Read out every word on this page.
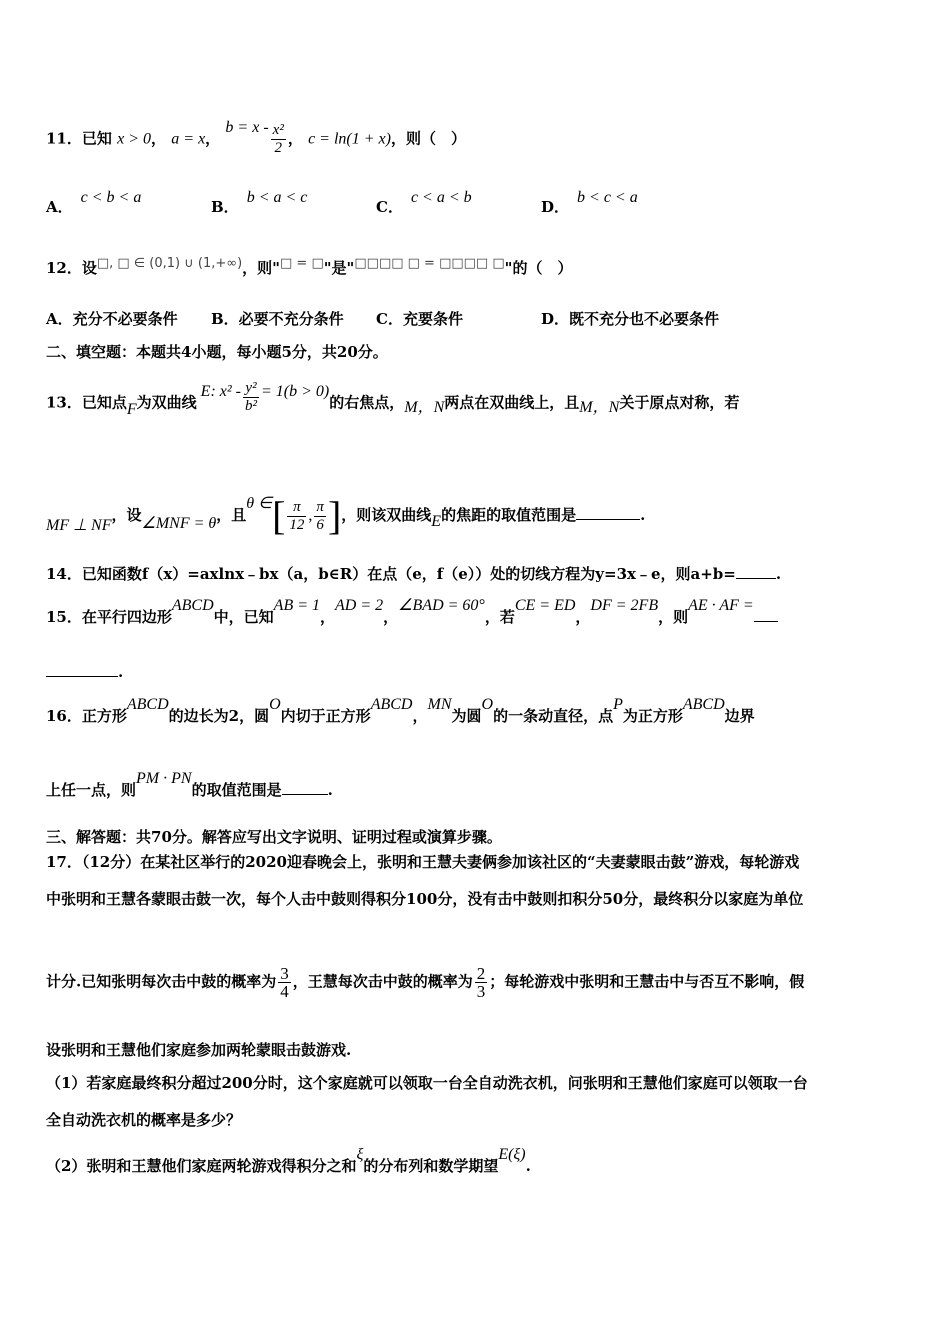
11．已知 x > 0， a = x， $b = x - \frac{\text{x²}}{2}$ ， c = ln(1 + x)，则（　）
A．c < b < a
B．b < a < c
C．c < a < b
D．b < c < a
12．设□, □ ∈ (0,1) ∪ (1,+∞)，则"□ = □"是"□□□□ □ = □□□□ □"的（　）
A．充分不必要条件 B．必要不充分条件 C．充要条件	D．既不充分也不必要条件
二、填空题：本题共4小题，每小题5分，共20分。
13．已知点F为双曲线E: $x^2 - \frac{\text{y²}}{\text{b²}} = 1(b > 0)$的右焦点，M，N两点在双曲线上，且M，N关于原点对称，若
MF ⊥ NF，设∠MNF = θ，且θ ∈[ $\frac{\pi}{12}$ , $\frac{\pi}{6}$ ]，则该双曲线E的焦距的取值范围是	.
14．已知函数f（x）=axlnx﹣bx（a，b∈R）在点（e，f（e））处的切线方程为y=3x﹣e，则a+b=	.
15．在平行四边形ABCD中，已知AB = 1，AD = 2，∠BAD = 60°，若CE = ED，DF = 2FB，则AE · AF =
.
16．正方形ABCD的边长为2，圆O内切于正方形ABCD，MN为圆O的一条动直径，点P为正方形ABCD边界
上任一点，则PM · PN的取值范围是	.
三、解答题：共70分。解答应写出文字说明、证明过程或演算步骤。
17．（12分）在某社区举行的2020迎春晚会上，张明和王慧夫妻俩参加该社区的“夫妻蒙眼击鼓”游戏，每轮游戏
中张明和王慧各蒙眼击鼓一次，每个人击中鼓则得积分100分，没有击中鼓则扣积分50分，最终积分以家庭为单位
计分.已知张明每次击中鼓的概率为 $\frac{3}{4}$ ，王慧每次击中鼓的概率为 $\frac{2}{3}$ ；每轮游戏中张明和王慧击中与否互不影响，假
设张明和王慧他们家庭参加两轮蒙眼击鼓游戏.
（1）若家庭最终积分超过200分时，这个家庭就可以领取一台全自动洗衣机，问张明和王慧他们家庭可以领取一台
全自动洗衣机的概率是多少？
（2）张明和王慧他们家庭两轮游戏得积分之和ξ的分布列和数学期望E(ξ).
